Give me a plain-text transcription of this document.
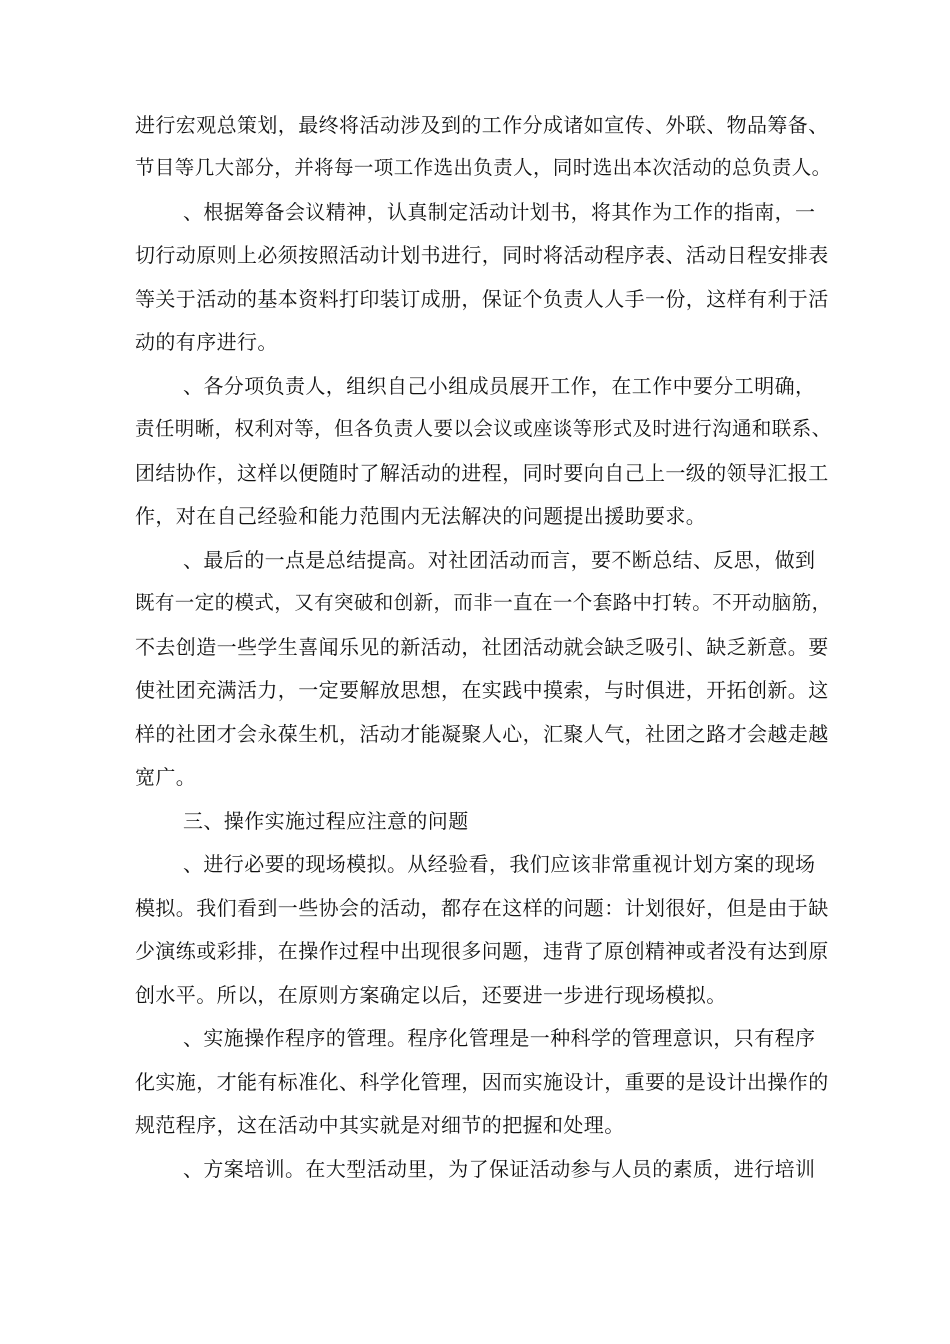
进行宏观总策划，最终将活动涉及到的工作分成诸如宣传、外联、物品筹备、
节目等几大部分，并将每一项工作选出负责人，同时选出本次活动的总负责人。
、根据筹备会议精神，认真制定活动计划书，将其作为工作的指南，一
切行动原则上必须按照活动计划书进行，同时将活动程序表、活动日程安排表
等关于活动的基本资料打印装订成册，保证个负责人人手一份，这样有利于活
动的有序进行。
、各分项负责人，组织自己小组成员展开工作，在工作中要分工明确，
责任明晰，权利对等，但各负责人要以会议或座谈等形式及时进行沟通和联系、
团结协作，这样以便随时了解活动的进程，同时要向自己上一级的领导汇报工
作，对在自己经验和能力范围内无法解决的问题提出援助要求。
、最后的一点是总结提高。对社团活动而言，要不断总结、反思，做到
既有一定的模式，又有突破和创新，而非一直在一个套路中打转。不开动脑筋，
不去创造一些学生喜闻乐见的新活动，社团活动就会缺乏吸引、缺乏新意。要
使社团充满活力，一定要解放思想，在实践中摸索，与时俱进，开拓创新。这
样的社团才会永葆生机，活动才能凝聚人心，汇聚人气，社团之路才会越走越
宽广。
三、操作实施过程应注意的问题
、进行必要的现场模拟。从经验看，我们应该非常重视计划方案的现场
模拟。我们看到一些协会的活动，都存在这样的问题：计划很好，但是由于缺
少演练或彩排，在操作过程中出现很多问题，违背了原创精神或者没有达到原
创水平。所以，在原则方案确定以后，还要进一步进行现场模拟。
、实施操作程序的管理。程序化管理是一种科学的管理意识，只有程序
化实施，才能有标准化、科学化管理，因而实施设计，重要的是设计出操作的
规范程序，这在活动中其实就是对细节的把握和处理。
、方案培训。在大型活动里，为了保证活动参与人员的素质，进行培训
